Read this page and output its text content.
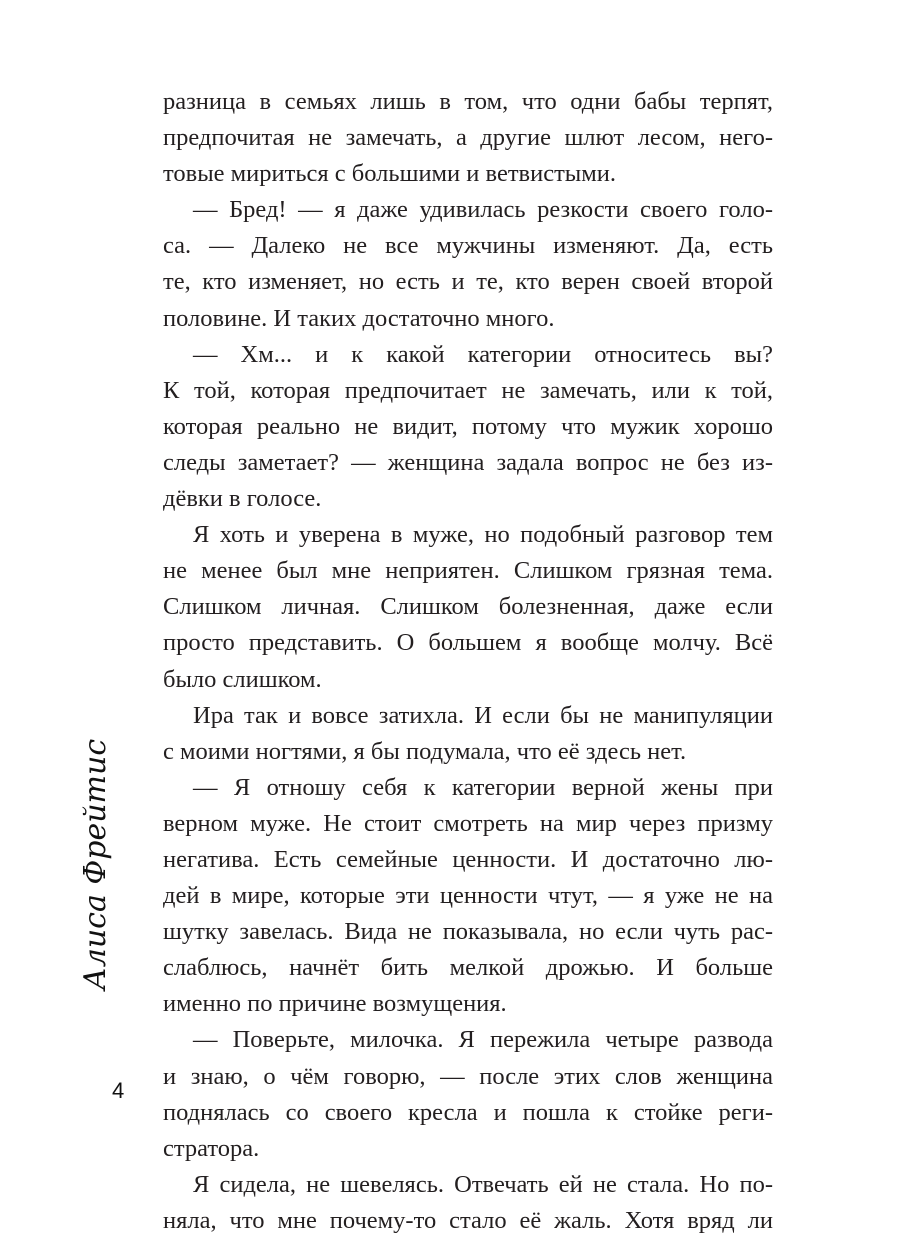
Алиса Фрейтис
4
разница в семьях лишь в том, что одни бабы терпят,
предпочитая не замечать, а другие шлют лесом, него-
товые мириться с большими и ветвистыми.
— Бред! — я даже удивилась резкости своего голо-
са. — Далеко не все мужчины изменяют. Да, есть
те, кто изменяет, но есть и те, кто верен своей второй
половине. И таких достаточно много.
— Хм... и к какой категории относитесь вы?
К той, которая предпочитает не замечать, или к той,
которая реально не видит, потому что мужик хорошо
следы заметает? — женщина задала вопрос не без из-
дёвки в голосе.
Я хоть и уверена в муже, но подобный разговор тем
не менее был мне неприятен. Слишком грязная тема.
Слишком личная. Слишком болезненная, даже если
просто представить. О большем я вообще молчу. Всё
было слишком.
Ира так и вовсе затихла. И если бы не манипуляции
с моими ногтями, я бы подумала, что её здесь нет.
— Я отношу себя к категории верной жены при
верном муже. Не стоит смотреть на мир через призму
негатива. Есть семейные ценности. И достаточно лю-
дей в мире, которые эти ценности чтут, — я уже не на
шутку завелась. Вида не показывала, но если чуть рас-
слаблюсь, начнёт бить мелкой дрожью. И больше
именно по причине возмущения.
— Поверьте, милочка. Я пережила четыре развода
и знаю, о чём говорю, — после этих слов женщина
поднялась со своего кресла и пошла к стойке реги-
стратора.
Я сидела, не шевелясь. Отвечать ей не стала. Но по-
няла, что мне почему-то стало её жаль. Хотя вряд ли
